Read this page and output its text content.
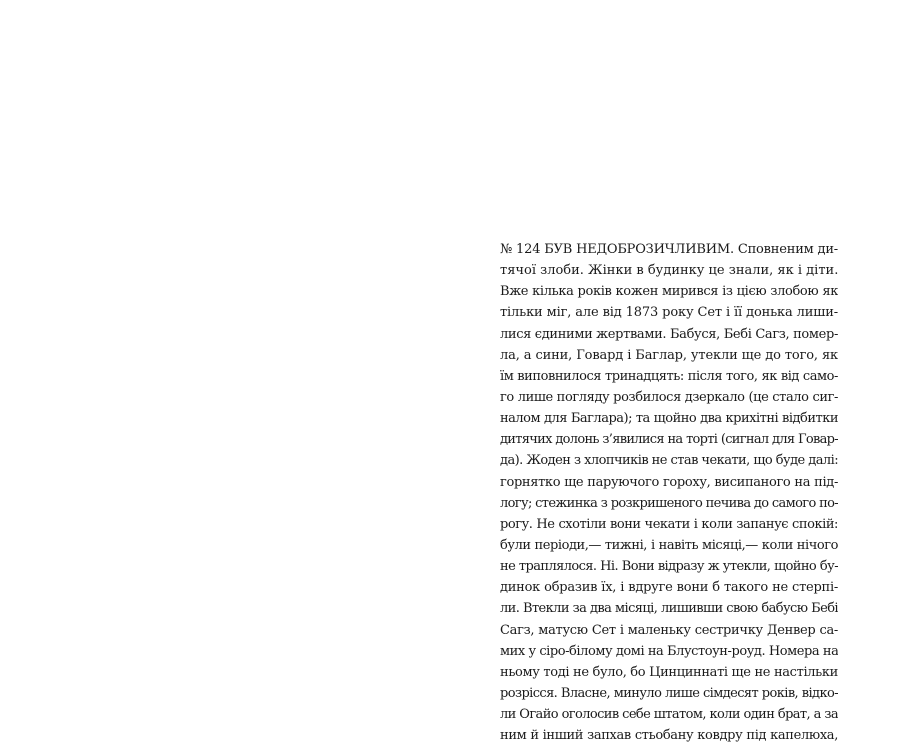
№ 124 БУВ НЕДОБРОЗИЧЛИВИМ. Сповненим ди-
тячої злоби. Жінки в будинку це знали, як і діти.
Вже кілька років кожен мирився із цією злобою як
тільки міг, але від 1873 року Сет і її донька лиши-
лися єдиними жертвами. Бабуся, Бебі Сагз, помер-
ла, а сини, Говард і Баглар, утекли ще до того, як
їм виповнилося тринадцять: після того, як від само-
го лише погляду розбилося дзеркало (це стало сиг-
налом для Баглара); та щойно два крихітні відбитки
дитячих долонь з’явилися на торті (сигнал для Говар-
да). Жоден з хлопчиків не став чекати, що буде далі:
горнятко ще паруючого гороху, висипаного на під-
логу; стежинка з розкришеного печива до самого по-
рогу. Не схотіли вони чекати і коли запанує спокій:
були періоди,— тижні, і навіть місяці,— коли нічого
не траплялося. Ні. Вони відразу ж утекли, щойно бу-
динок образив їх, і вдруге вони б такого не стерпі-
ли. Втекли за два місяці, лишивши свою бабусю Бебі
Сагз, матусю Сет і маленьку сестричку Денвер са-
мих у сіро-білому домі на Блустоун-роуд. Номера на
ньому тоді не було, бо Цинциннаті ще не настільки
розрісся. Власне, минуло лише сімдесят років, відко-
ли Огайо оголосив себе штатом, коли один брат, а за
ним й інший запхав стьобану ковдру під капелюха,
